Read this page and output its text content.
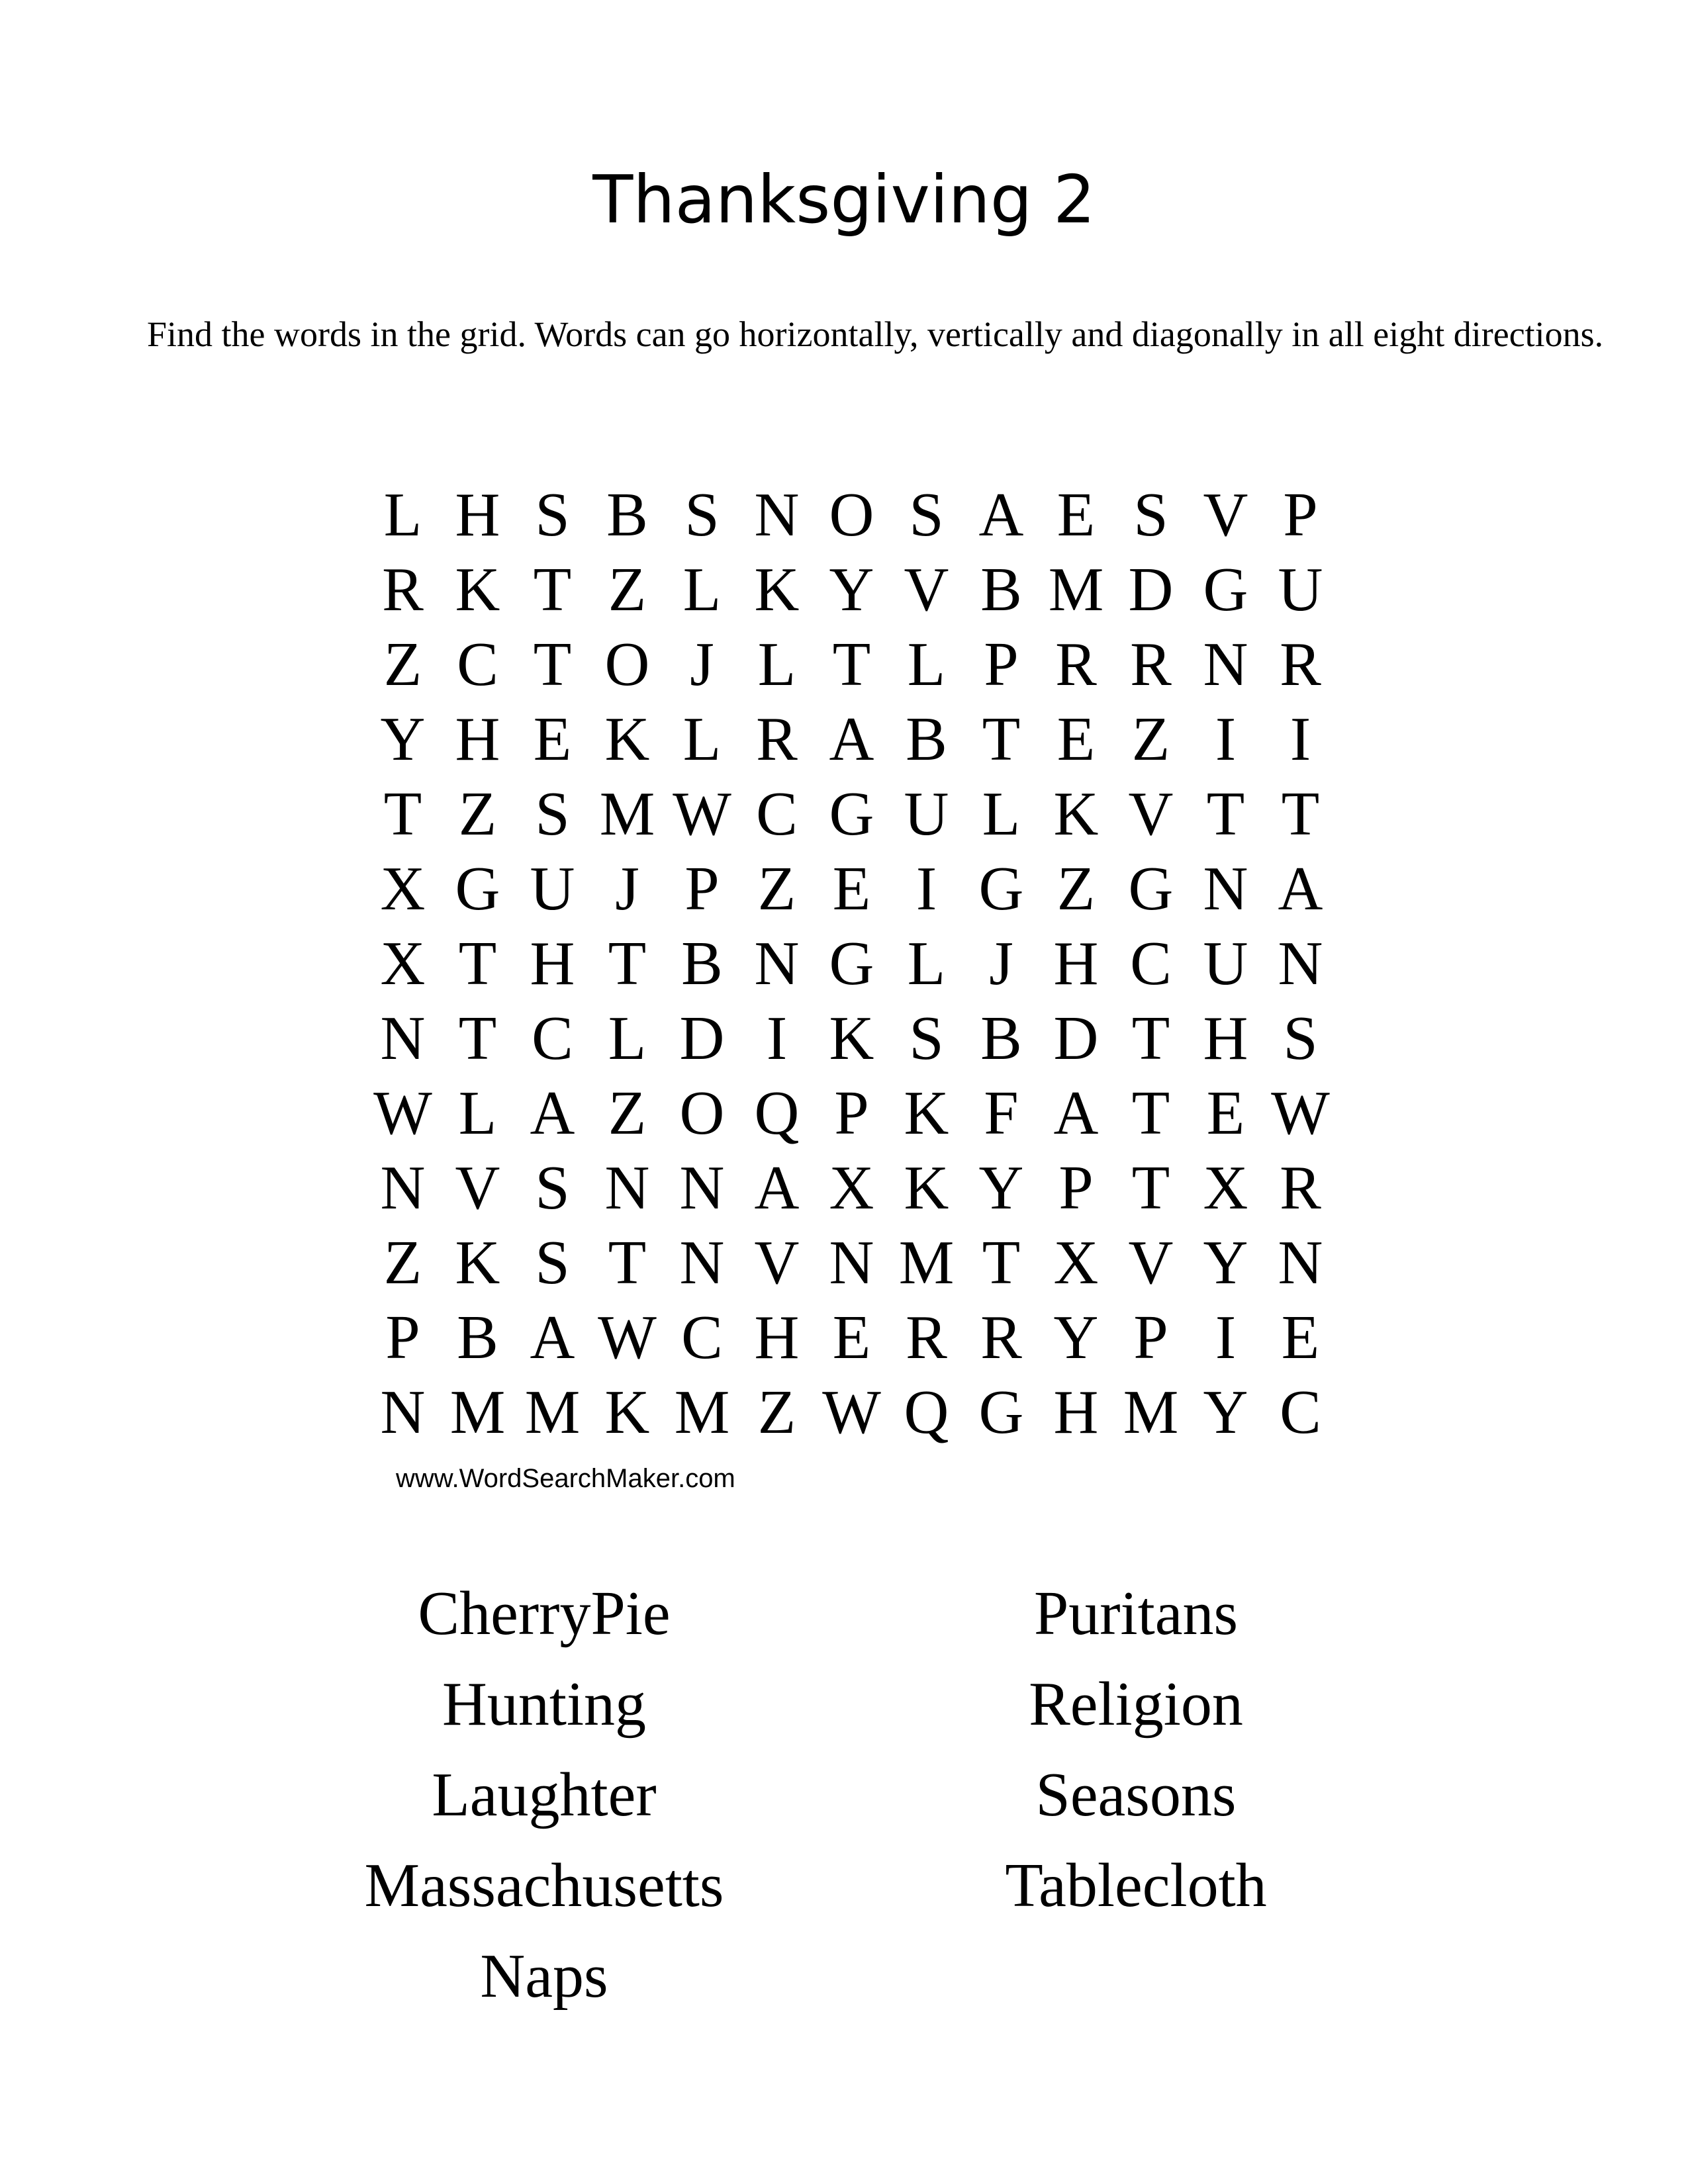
Thanksgiving 2
Find the words in the grid. Words can go horizontally, vertically and diagonally in all eight directions.
L H S B S N O S A E S V P
R K T Z L K Y V B M D G U
Z C T O J L T L P R R N R
Y H E K L R A B T E Z I I
T Z S M W C G U L K V T T
X G U J P Z E I G Z G N A
X T H T B N G L J H C U N
N T C L D I K S B D T H S
W L A Z O Q P K F A T E W
N V S N N A X K Y P T X R
Z K S T N V N M T X V Y N
P B A W C H E R R Y P I E
N M M K M Z W Q G H M Y C
www.WordSearchMaker.com
CherryPie
Hunting
Laughter
Massachusetts
Naps
Puritans
Religion
Seasons
Tablecloth
